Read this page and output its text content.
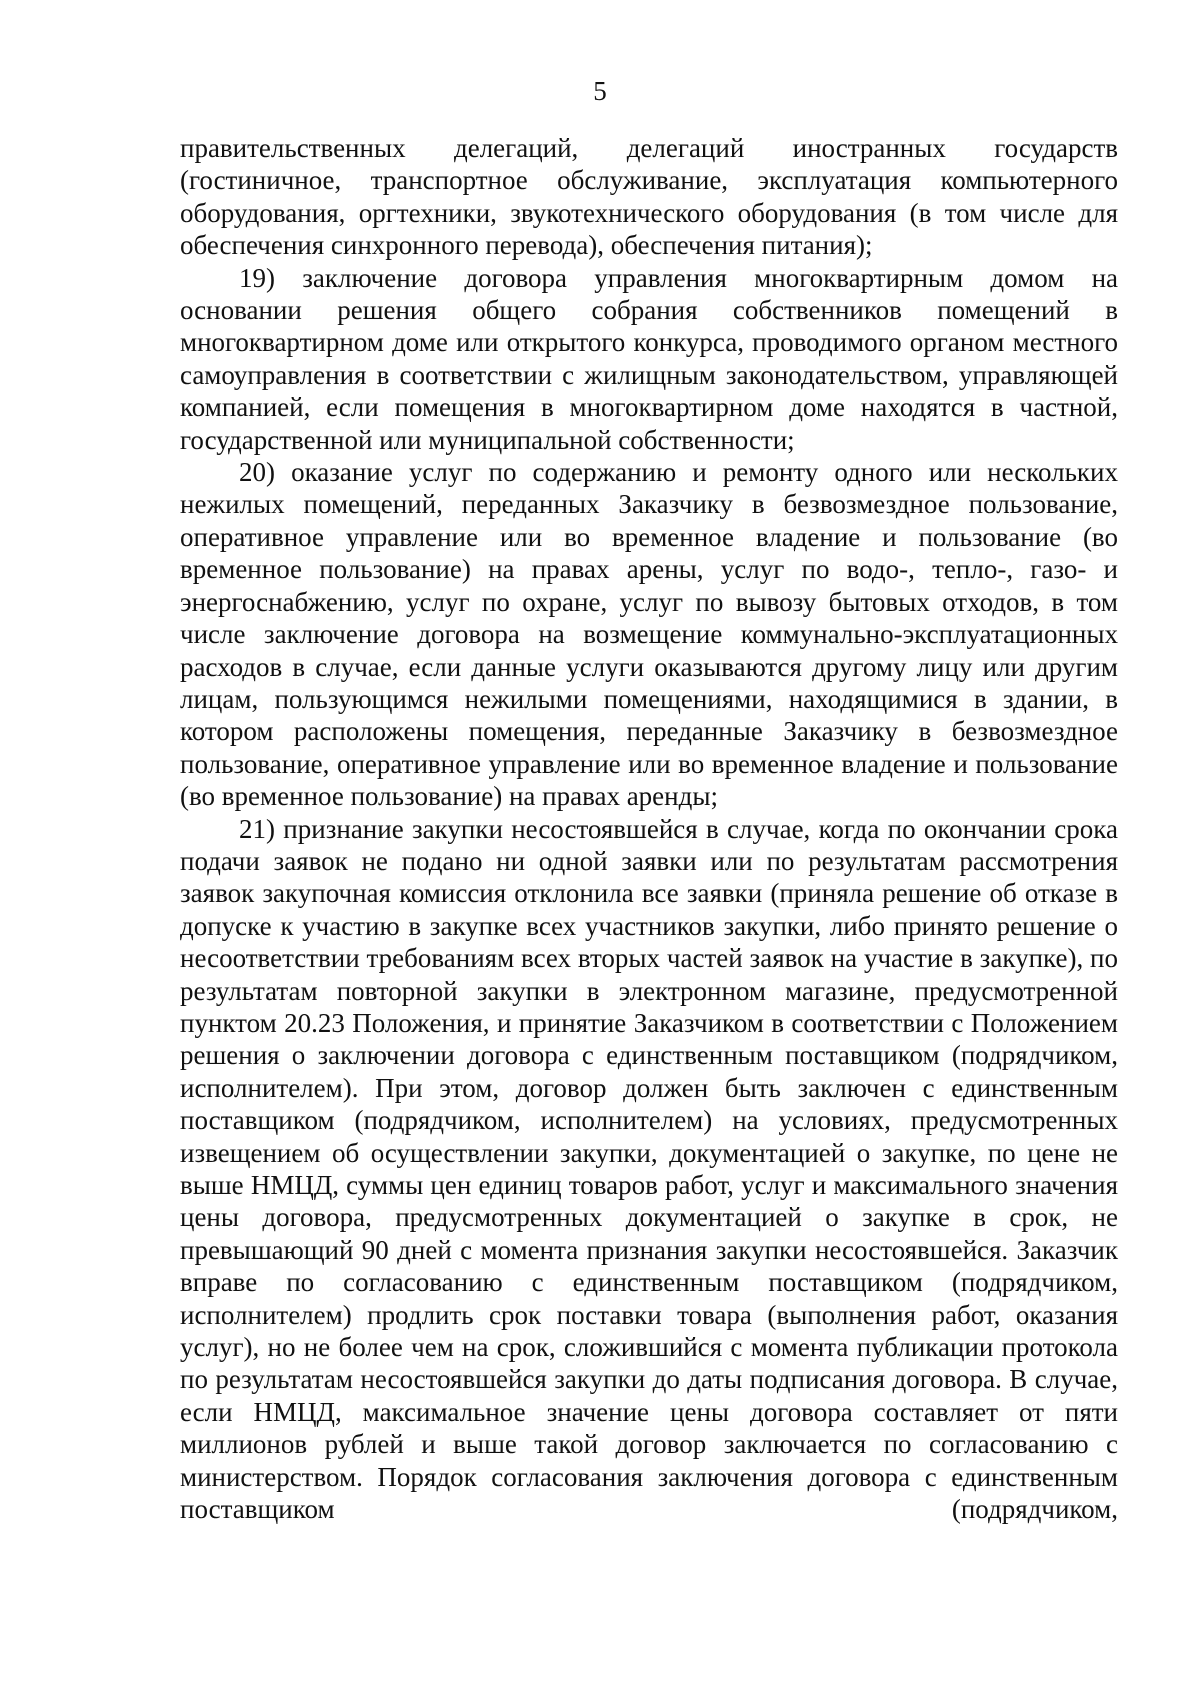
5

правительственных делегаций, делегаций иностранных государств (гостиничное, транспортное обслуживание, эксплуатация компьютерного оборудования, оргтехники, звукотехнического оборудования (в том числе для обеспечения синхронного перевода), обеспечения питания);

19) заключение договора управления многоквартирным домом на основании решения общего собрания собственников помещений в многоквартирном доме или открытого конкурса, проводимого органом местного самоуправления в соответствии с жилищным законодательством, управляющей компанией, если помещения в многоквартирном доме находятся в частной, государственной или муниципальной собственности;

20) оказание услуг по содержанию и ремонту одного или нескольких нежилых помещений, переданных Заказчику в безвозмездное пользование, оперативное управление или во временное владение и пользование (во временное пользование) на правах арены, услуг по водо-, тепло-, газо- и энергоснабжению, услуг по охране, услуг по вывозу бытовых отходов, в том числе заключение договора на возмещение коммунально-эксплуатационных расходов в случае, если данные услуги оказываются другому лицу или другим лицам, пользующимся нежилыми помещениями, находящимися в здании, в котором расположены помещения, переданные Заказчику в безвозмездное пользование, оперативное управление или во временное владение и пользование (во временное пользование) на правах аренды;

21) признание закупки несостоявшейся в случае, когда по окончании срока подачи заявок не подано ни одной заявки или по результатам рассмотрения заявок закупочная комиссия отклонила все заявки (приняла решение об отказе в допуске к участию в закупке всех участников закупки, либо принято решение о несоответствии требованиям всех вторых частей заявок на участие в закупке), по результатам повторной закупки в электронном магазине, предусмотренной пунктом 20.23 Положения, и принятие Заказчиком в соответствии с Положением решения о заключении договора с единственным поставщиком (подрядчиком, исполнителем). При этом, договор должен быть заключен с единственным поставщиком (подрядчиком, исполнителем) на условиях, предусмотренных извещением об осуществлении закупки, документацией о закупке, по цене не выше НМЦД, суммы цен единиц товаров работ, услуг и максимального значения цены договора, предусмотренных документацией о закупке в срок, не превышающий 90 дней с момента признания закупки несостоявшейся. Заказчик вправе по согласованию с единственным поставщиком (подрядчиком, исполнителем) продлить срок поставки товара (выполнения работ, оказания услуг), но не более чем на срок, сложившийся с момента публикации протокола по результатам несостоявшейся закупки до даты подписания договора. В случае, если НМЦД, максимальное значение цены договора составляет от пяти миллионов рублей и выше такой договор заключается по согласованию с министерством. Порядок согласования заключения договора с единственным поставщиком (подрядчиком,
